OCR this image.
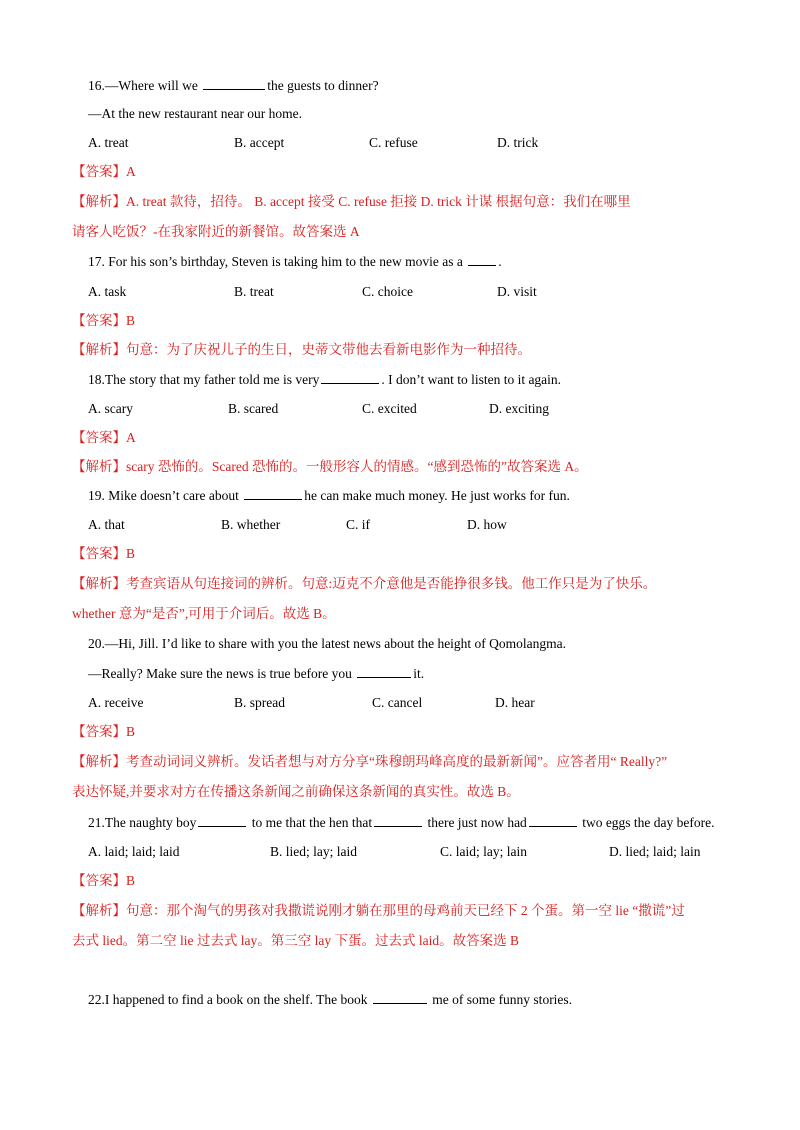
16.—Where will we	the guests to dinner?
—At the new restaurant near our home.
A. treat	B. accept	C. refuse	D. trick
【答案】A
【解析】A. treat 款待，招待。 B. accept 接受 C. refuse 拒接 D. trick 计谋 根据句意：我们在哪里
请客人吃饭？-在我家附近的新餐馆。故答案选 A
17. For his son’s birthday, Steven is taking him to the new movie as a .
A. task	B. treat	C. choice	D. visit
【答案】B
【解析】句意：为了庆祝儿子的生日，史蒂文带他去看新电影作为一种招待。
18.The story that my father told me is very	. I don’t want to listen to it again.
A. scary	B. scared	C. excited	D. exciting
【答案】A
【解析】scary 恐怖的。Scared 恐怖的。一般形容人的情感。“感到恐怖的”故答案选 A。
19. Mike doesn’t care about	he can make much money. He just works for fun.
A. that	B. whether	C. if	D. how
【答案】B
【解析】考查宾语从句连接词的辨析。句意:迈克不介意他是否能挣很多钱。他工作只是为了快乐。
whether 意为“是否”,可用于介词后。故选 B。
20.—Hi, Jill. I’d like to share with you the latest news about the height of Qomolangma.
—Really? Make sure the news is true before you	it.
A. receive	B. spread	C. cancel	D. hear
【答案】B
【解析】考查动词词义辨析。发话者想与对方分享“珠穆朗玛峰高度的最新新闻”。应答者用“ Really?”
表达怀疑,并要求对方在传播这条新闻之前确保这条新闻的真实性。故选 B。
21.The naughty boy	to me that the hen that	there just now had	two eggs the day before.
A. laid; laid; laid	B. lied; lay; laid	C. laid; lay; lain	D. lied; laid; lain
【答案】B
【解析】句意：那个淘气的男孩对我撒谎说刚才躺在那里的母鸡前天已经下 2 个蛋。第一空 lie “撒谎”过
去式 lied。第二空 lie 过去式 lay。第三空 lay 下蛋。过去式 laid。故答案选 B
22.I happened to find a book on the shelf. The book	me of some funny stories.
